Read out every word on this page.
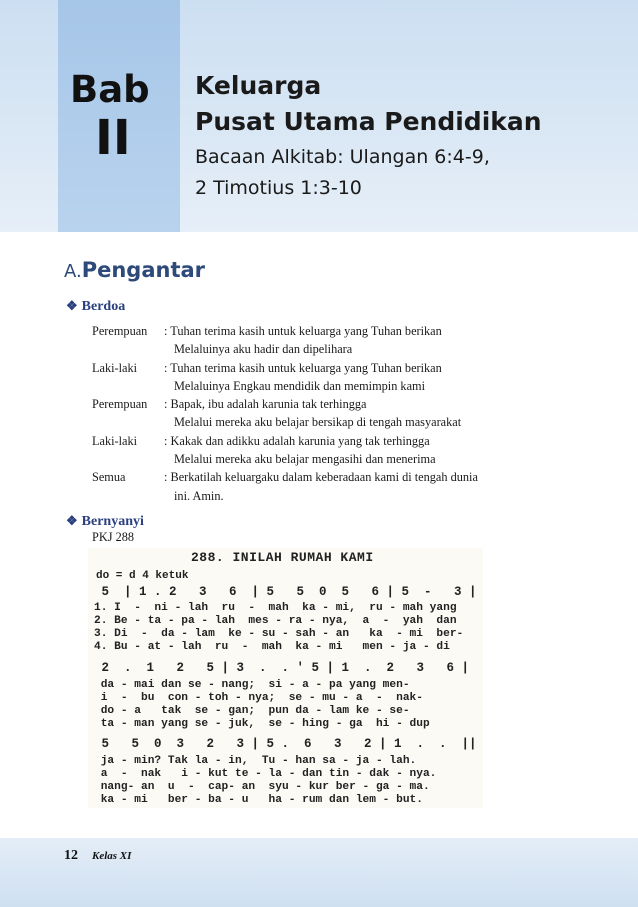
Bab
II
Keluarga
Pusat Utama Pendidikan
Bacaan Alkitab: Ulangan 6:4-9,
2 Timotius 1:3-10
A.Pengantar
❖ Berdoa
Perempuan	: Tuhan terima kasih untuk keluarga yang Tuhan berikan
Melaluinya aku hadir dan dipelihara
Laki-laki	: Tuhan terima kasih untuk keluarga yang Tuhan berikan
Melaluinya Engkau mendidik dan memimpin kami
Perempuan	: Bapak, ibu adalah karunia tak terhingga
Melalui mereka aku belajar bersikap di tengah masyarakat
Laki-laki	: Kakak dan adikku adalah karunia yang tak terhingga
Melalui mereka aku belajar mengasihi dan menerima
Semua	: Berkatilah keluargaku dalam keberadaan kami di tengah dunia
ini. Amin.
❖ Bernyanyi
PKJ 288
288. INILAH RUMAH KAMI
do = d 4 ketuk
5  | 1 . 2   3   6  | 5   5  0  5   6 | 5  -   3 |
1. I  -  ni - lah  ru  -  mah  ka - mi,  ru - mah yang
2. Be - ta - pa - lah  mes - ra - nya,  a  -  yah  dan
3. Di  -  da - lam  ke - su - sah - an   ka  - mi  ber-
4. Bu - at - lah  ru  -  mah  ka - mi   men - ja - di
2  .  1   2   5 | 3  .  . ' 5 | 1  .  2   3   6 |
da - mai dan se - nang;  si - a - pa yang men-
i  -  bu  con - toh - nya;  se - mu - a  -  nak-
do - a   tak  se - gan;  pun da - lam ke - se-
ta - man yang se - juk,  se - hing - ga  hi - dup
5   5  0  3   2   3 | 5 .  6   3   2 | 1  .  .  ||
ja - min? Tak la - in,  Tu - han sa - ja - lah.
a  -  nak   i - kut te - la - dan tin - dak - nya.
nang- an  u  -  cap- an  syu - kur ber - ga - ma.
ka - mi   ber - ba - u   ha - rum dan lem - but.
12 Kelas XI
